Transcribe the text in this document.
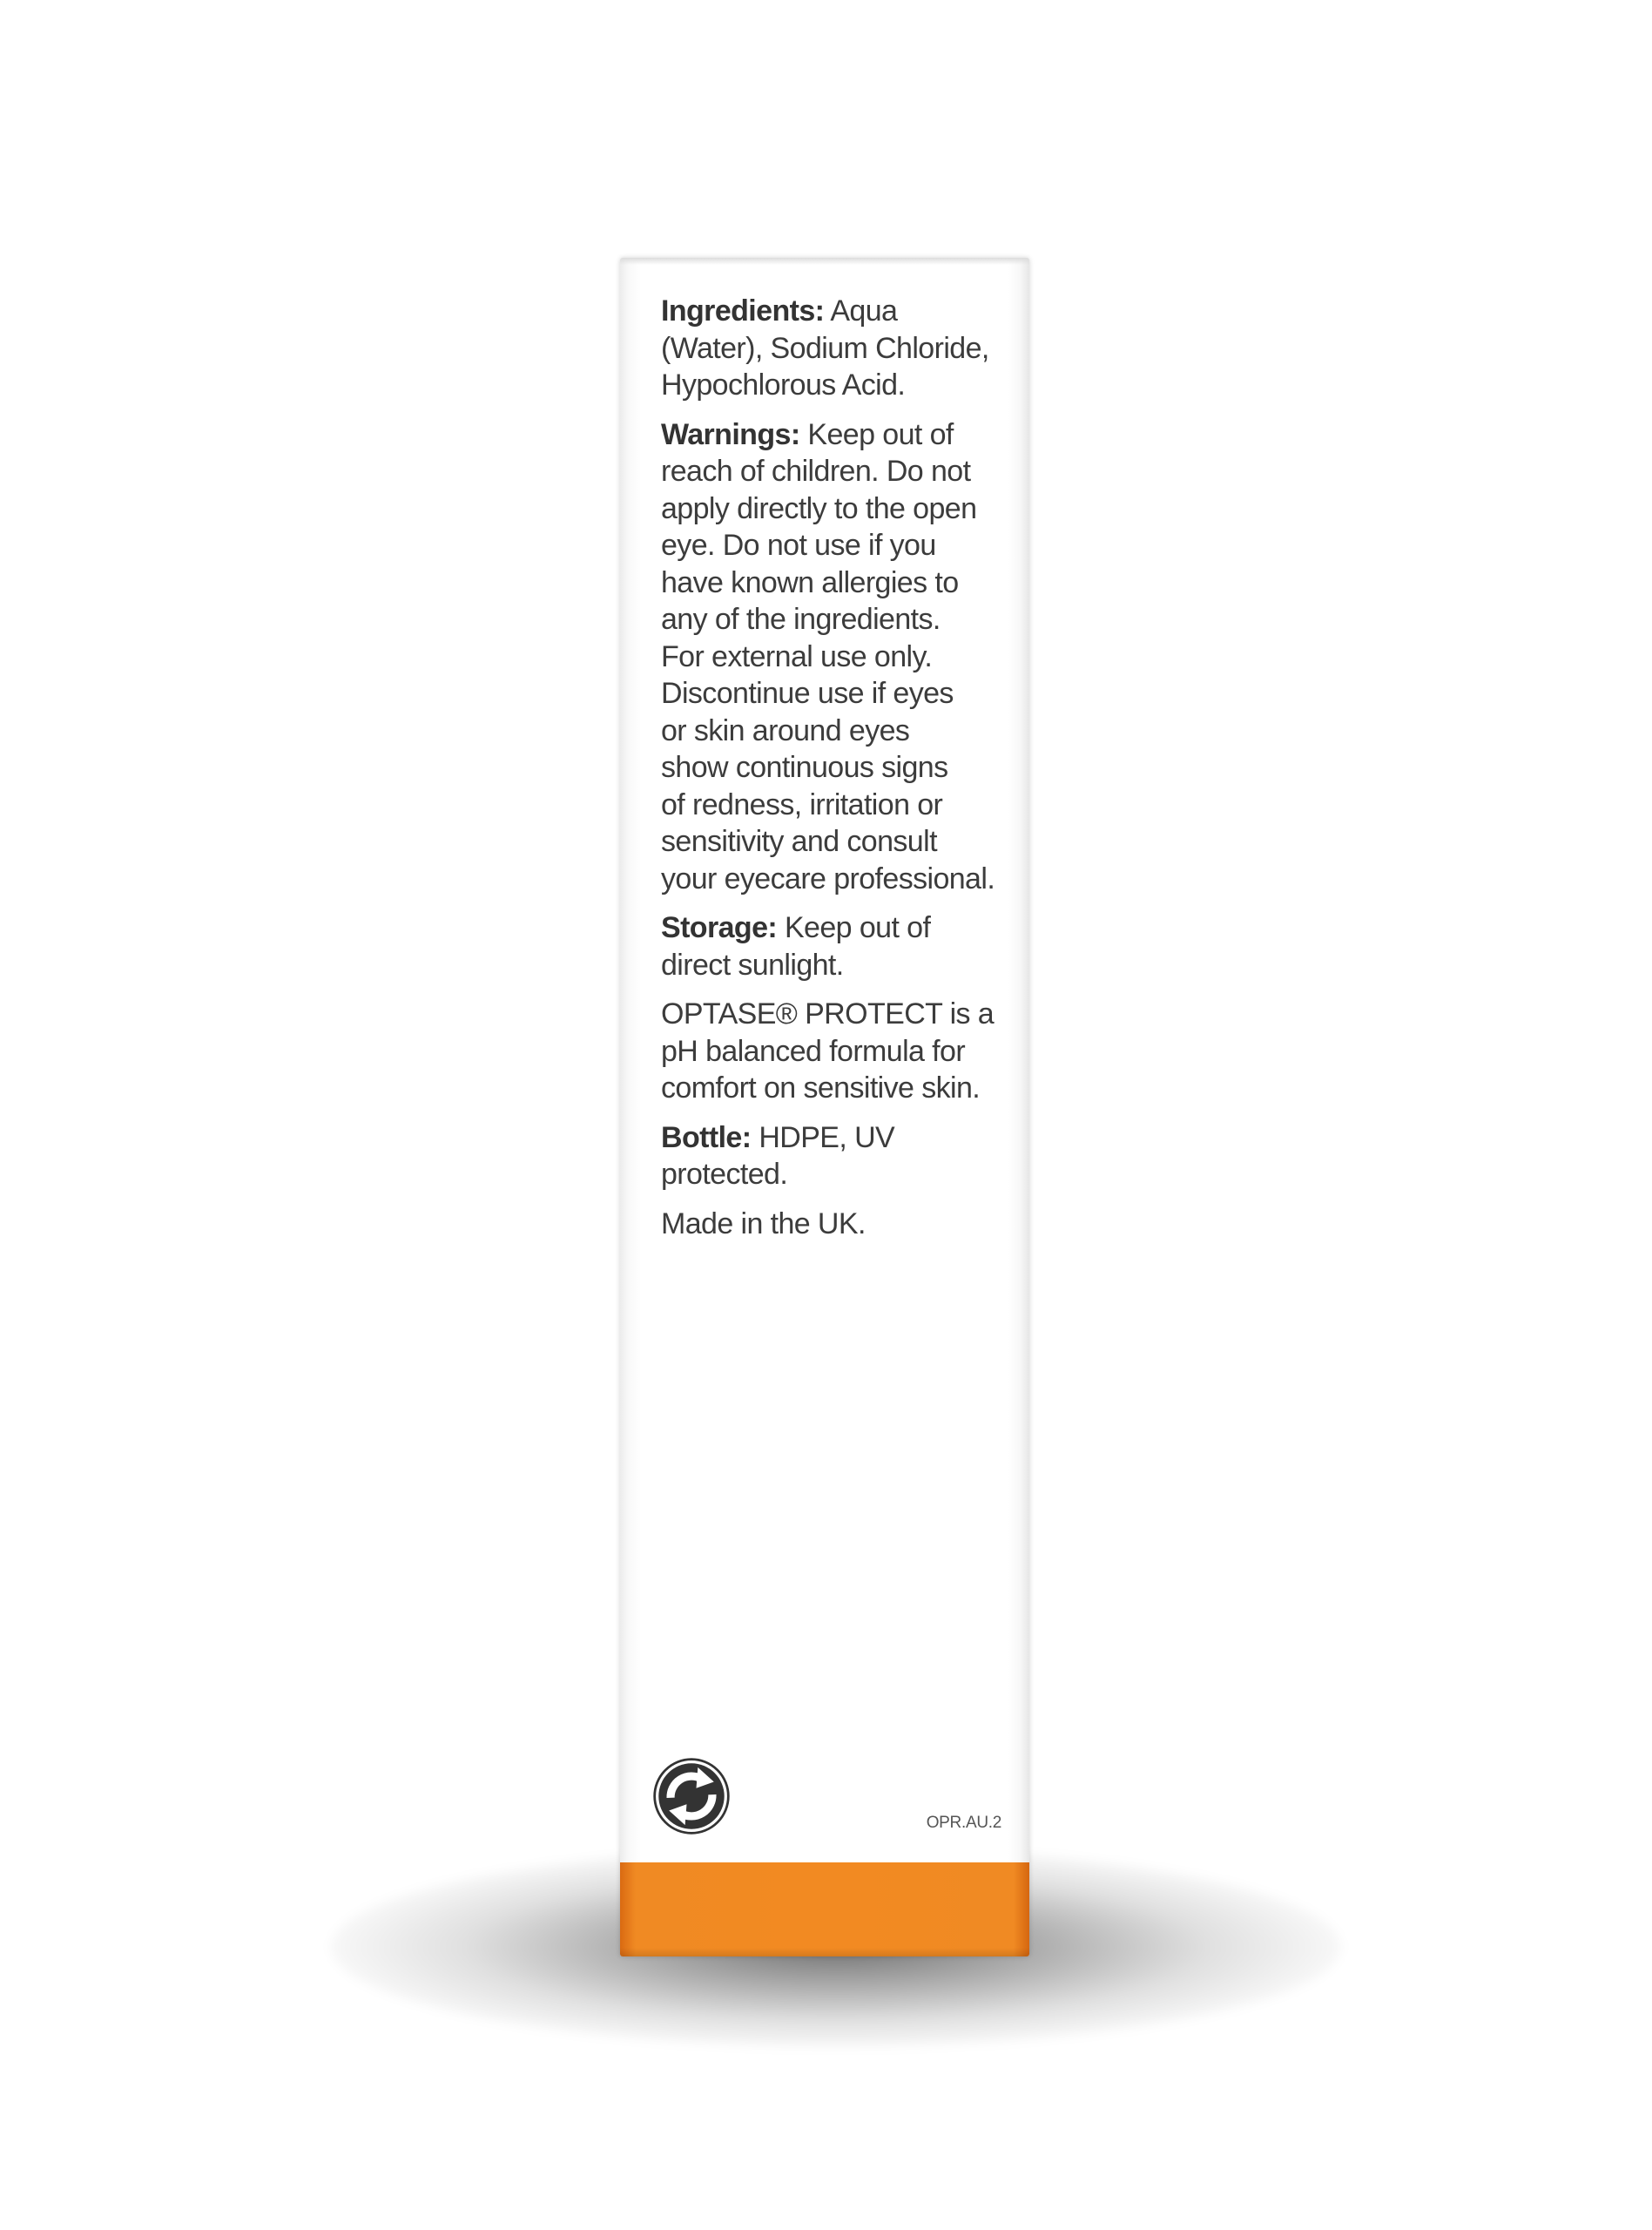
Ingredients: Aqua
(Water), Sodium Chloride,
Hypochlorous Acid.

Warnings: Keep out of
reach of children. Do not
apply directly to the open
eye. Do not use if you
have known allergies to
any of the ingredients.
For external use only.
Discontinue use if eyes
or skin around eyes
show continuous signs
of redness, irritation or
sensitivity and consult
your eyecare professional.

Storage: Keep out of
direct sunlight.

OPTASE® PROTECT is a
pH balanced formula for
comfort on sensitive skin.

Bottle: HDPE, UV
protected.

Made in the UK.

OPR.AU.2
